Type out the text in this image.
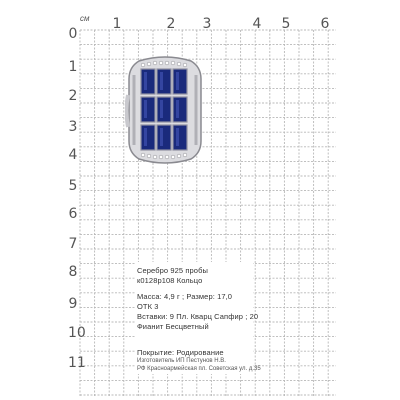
см 1	2 3	4 5 6
0
1
2
3
4
5
6
7
8
9
10
11
Серебро 925 пробы
к0128р108 Кольцо
Масса: 4,9 г ; Размер: 17,0
ОТК 3
Вставки: 9 Пл. Кварц Сапфир ; 20
Фианит Бесцветный
Покрытие: Родирование
Изготовитель ИП Пестунов Н.В.
РФ Красноармейская пл. Советская ул. д.35
